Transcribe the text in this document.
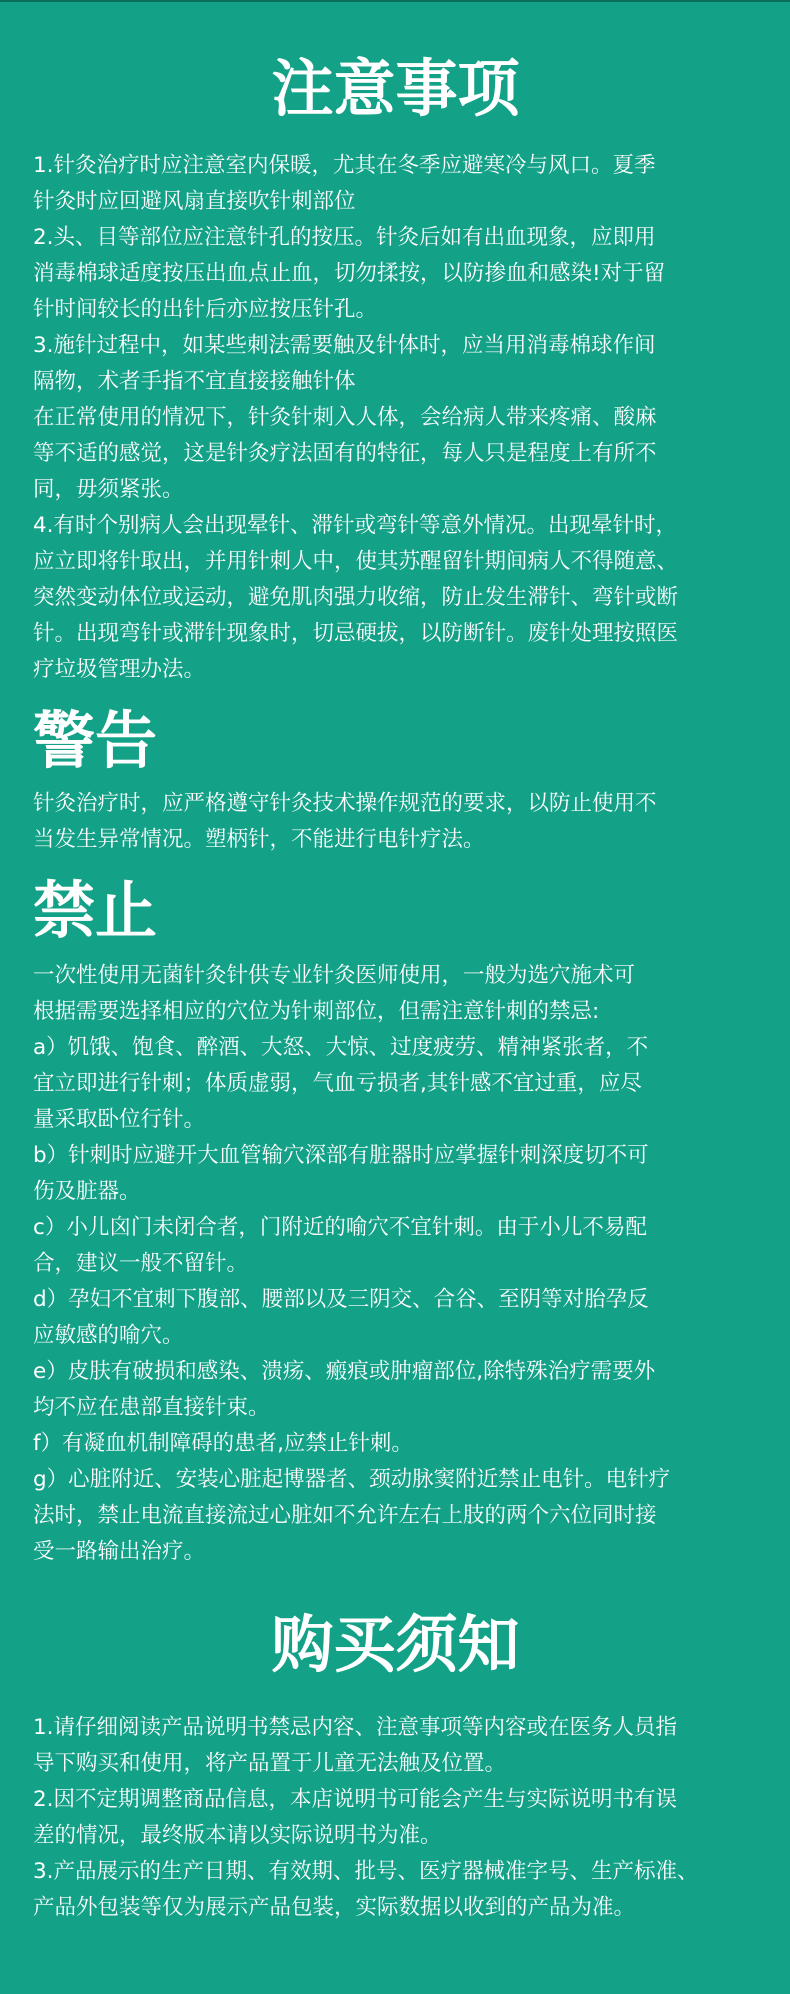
注意事项

1.针灸治疗时应注意室内保暖，尤其在冬季应避寒冷与风口。夏季

针灸时应回避风扇直接吹针刺部位

2.头、目等部位应注意针孔的按压。针灸后如有出血现象，应即用

消毒棉球适度按压出血点止血，切勿揉按，以防掺血和感染!对于留

针时间较长的出针后亦应按压针孔。

3.施针过程中，如某些刺法需要触及针体时，应当用消毒棉球作间

隔物，术者手指不宜直接接触针体

在正常使用的情况下，针灸针刺入人体，会给病人带来疼痛、酸麻

等不适的感觉，这是针灸疗法固有的特征，每人只是程度上有所不

同，毋须紧张。

4.有时个别病人会出现晕针、滞针或弯针等意外情况。出现晕针时，

应立即将针取出，并用针刺人中，使其苏醒留针期间病人不得随意、

突然变动体位或运动，避免肌肉强力收缩，防止发生滞针、弯针或断

针。出现弯针或滞针现象时，切忌硬拔，以防断针。废针处理按照医

疗垃圾管理办法。

警告

针灸治疗时，应严格遵守针灸技术操作规范的要求，以防止使用不

当发生异常情况。塑柄针，不能进行电针疗法。

禁止

一次性使用无菌针灸针供专业针灸医师使用，一般为选穴施术可

根据需要选择相应的穴位为针刺部位，但需注意针刺的禁忌:

a）饥饿、饱食、醉酒、大怒、大惊、过度疲劳、精神紧张者，不

宜立即进行针刺；体质虚弱，气血亏损者,其针感不宜过重，应尽

量采取卧位行针。

b）针刺时应避开大血管输穴深部有脏器时应掌握针刺深度切不可

伤及脏器。

c）小儿囟门未闭合者，门附近的喻穴不宜针刺。由于小儿不易配

合，建议一般不留针。

d）孕妇不宜刺下腹部、腰部以及三阴交、合谷、至阴等对胎孕反

应敏感的喻穴。

e）皮肤有破损和感染、溃疡、瘢痕或肿瘤部位,除特殊治疗需要外

均不应在患部直接针束。

f）有凝血机制障碍的患者,应禁止针刺。

g）心脏附近、安装心脏起博器者、颈动脉窦附近禁止电针。电针疗

法时，禁止电流直接流过心脏如不允许左右上肢的两个六位同时接

受一路输出治疗。

购买须知

1.请仔细阅读产品说明书禁忌内容、注意事项等内容或在医务人员指

导下购买和使用，将产品置于儿童无法触及位置。

2.因不定期调整商品信息，本店说明书可能会产生与实际说明书有误

差的情况，最终版本请以实际说明书为准。

3.产品展示的生产日期、有效期、批号、医疗器械准字号、生产标准、

产品外包装等仅为展示产品包装，实际数据以收到的产品为准。
